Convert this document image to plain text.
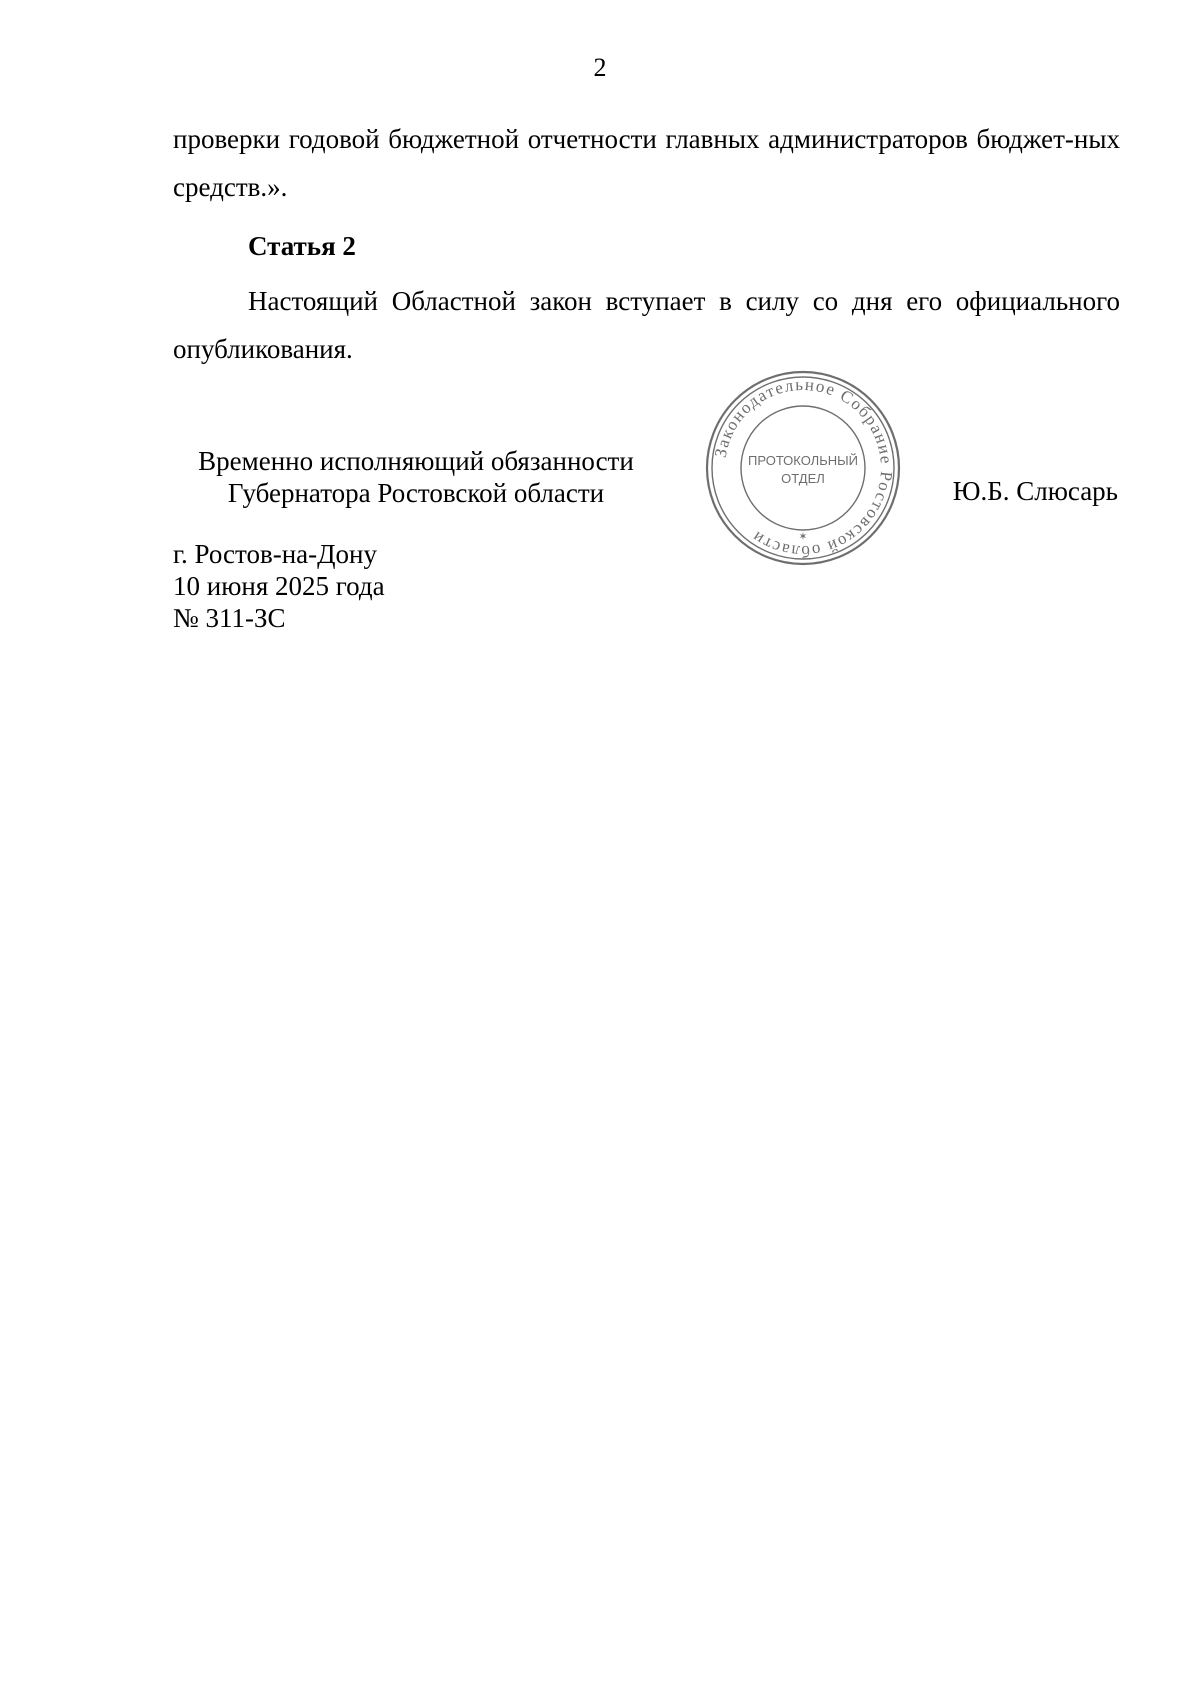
2

проверки годовой бюджетной отчетности главных администраторов бюджет-ных средств.».

Статья 2

Настоящий Областной закон вступает в силу со дня его официального опубликования.

Временно исполняющий обязанности
Губернатора Ростовской области
Законодательное Собрание Ростовской области
ПРОТОКОЛЬНЫЙ
ОТДЕЛ
✶
Ю.Б. Слюсарь
г. Ростов-на-Дону
10 июня 2025 года
№ 311-ЗС
